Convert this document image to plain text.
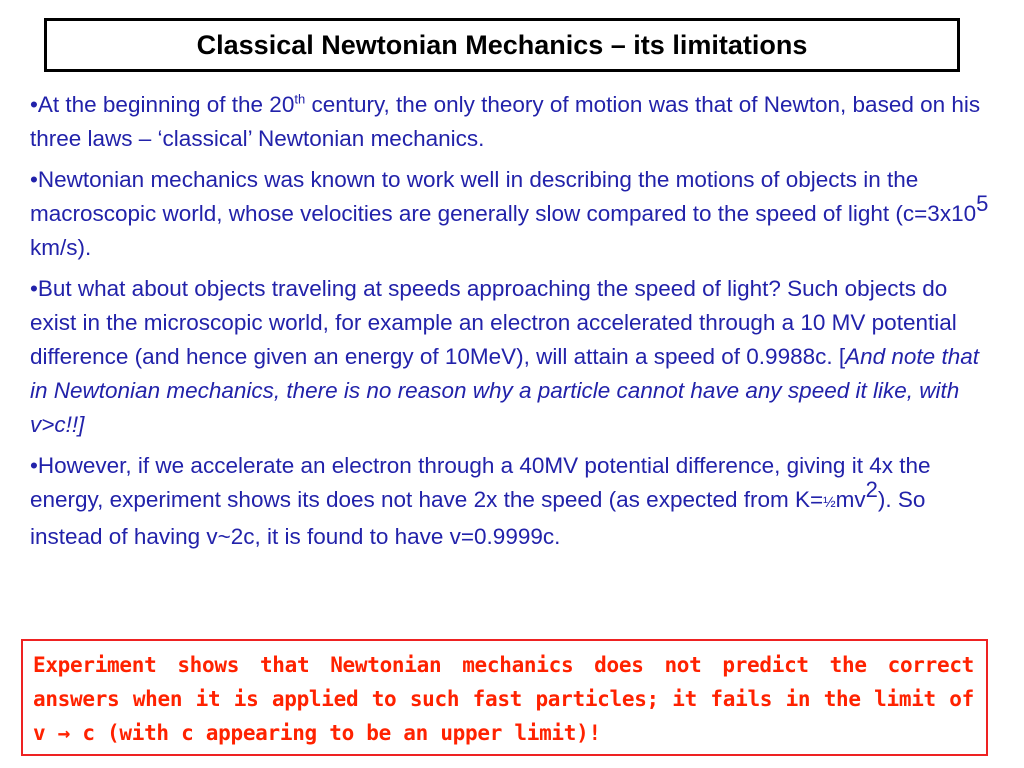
Classical Newtonian Mechanics – its limitations

•At the beginning of the 20th century, the only theory of motion was that of Newton, based on his three laws – ‘classical’ Newtonian mechanics.

•Newtonian mechanics was known to work well in describing the motions of objects in the macroscopic world, whose velocities are generally slow compared to the speed of light ($c=3x10^5$ km/s).

•But what about objects traveling at speeds approaching the speed of light? Such objects do exist in the microscopic world, for example an electron accelerated through a 10 MV potential difference (and hence given an energy of 10MeV), will attain a speed of 0.9988c. [And note that in Newtonian mechanics, there is no reason why a particle cannot have any speed it like, with v>c!!]

•However, if we accelerate an electron through a 40MV potential difference, giving it 4x the energy, experiment shows its does not have 2x the speed (as expected from $K=\frac{1}{2}mv^2$). So instead of having v~2c, it is found to have v=0.9999c.

Experiment shows that Newtonian mechanics does not predict the correct answers when it is applied to such fast particles; it fails in the limit of v → c (with c appearing to be an upper limit)!
